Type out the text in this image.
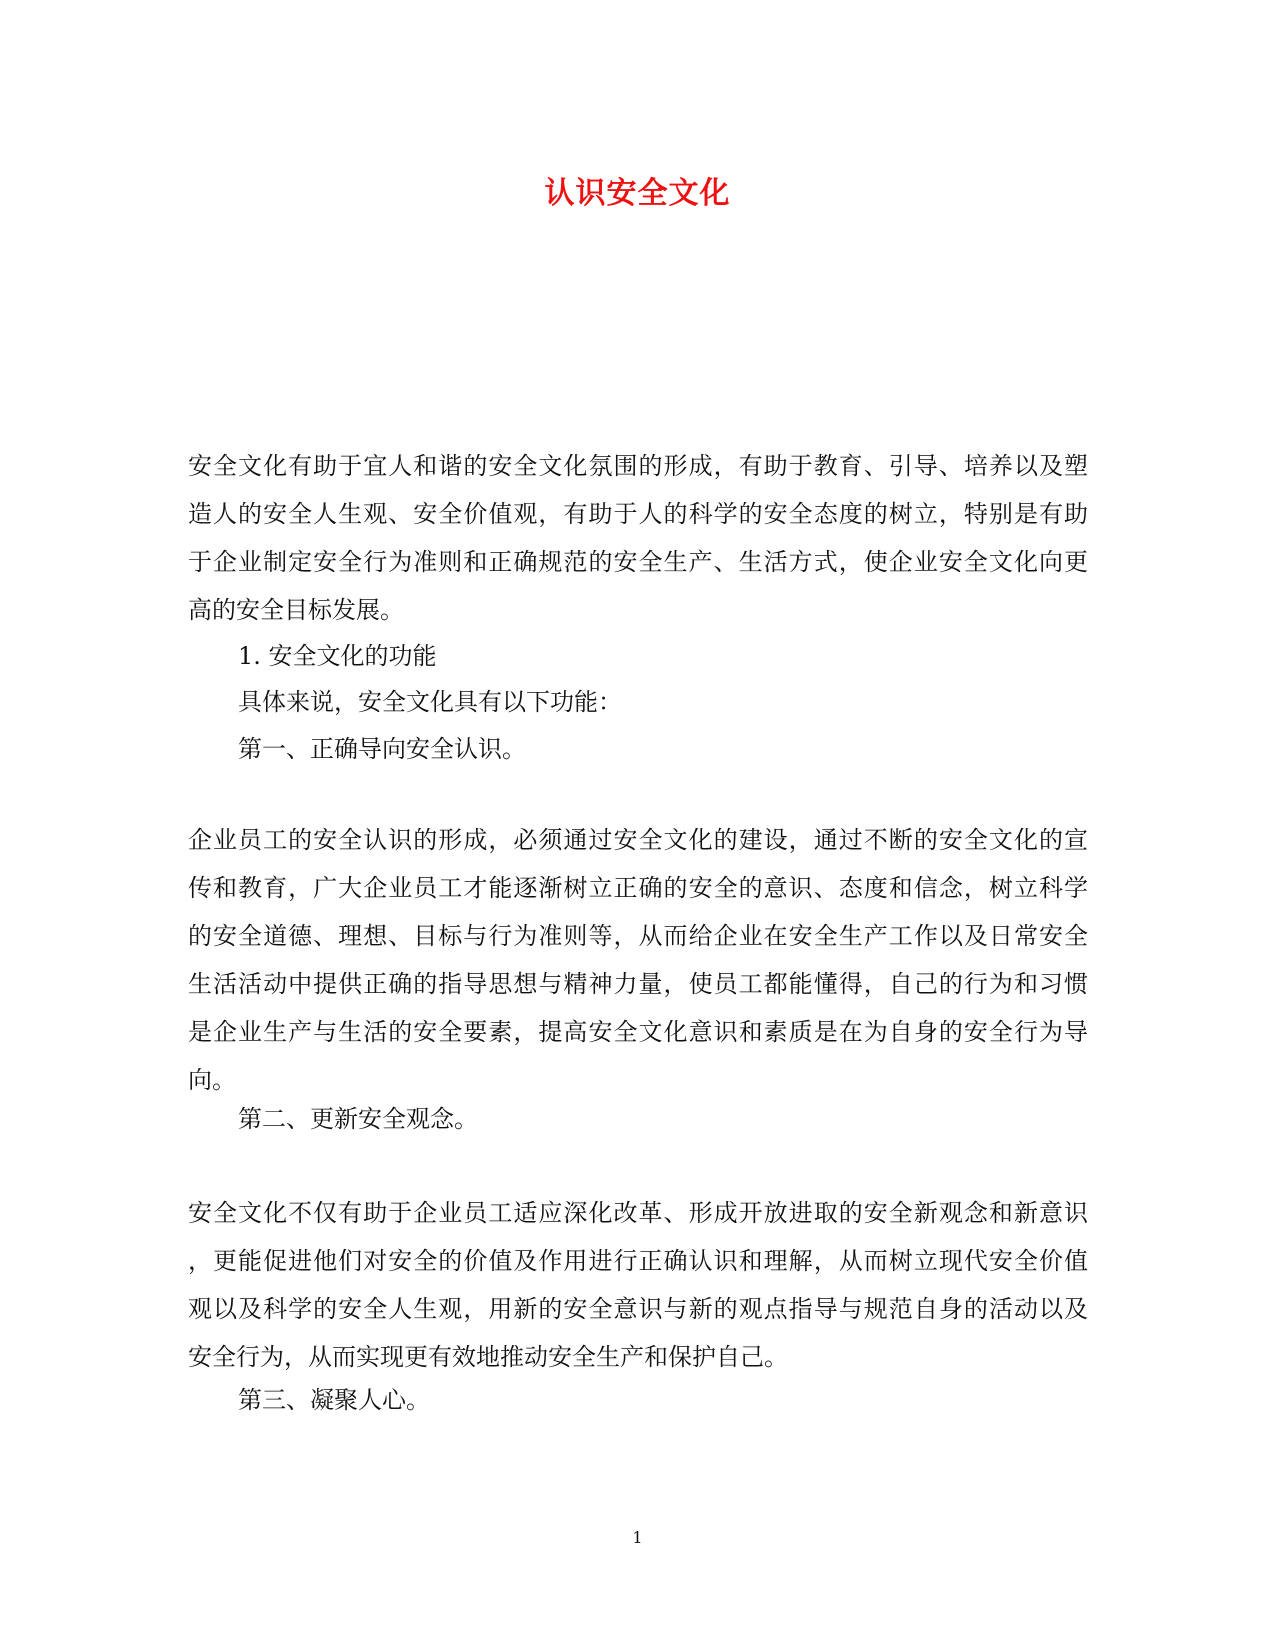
认识安全文化
安全文化有助于宜人和谐的安全文化氛围的形成，有助于教育、引导、培养以及塑
造人的安全人生观、安全价值观，有助于人的科学的安全态度的树立，特别是有助
于企业制定安全行为准则和正确规范的安全生产、生活方式，使企业安全文化向更
高的安全目标发展。
1. 安全文化的功能
具体来说，安全文化具有以下功能：
第一、正确导向安全认识。
企业员工的安全认识的形成，必须通过安全文化的建设，通过不断的安全文化的宣
传和教育，广大企业员工才能逐渐树立正确的安全的意识、态度和信念，树立科学
的安全道德、理想、目标与行为准则等，从而给企业在安全生产工作以及日常安全
生活活动中提供正确的指导思想与精神力量，使员工都能懂得，自己的行为和习惯
是企业生产与生活的安全要素，提高安全文化意识和素质是在为自身的安全行为导
向。
第二、更新安全观念。
安全文化不仅有助于企业员工适应深化改革、形成开放进取的安全新观念和新意识
，更能促进他们对安全的价值及作用进行正确认识和理解，从而树立现代安全价值
观以及科学的安全人生观，用新的安全意识与新的观点指导与规范自身的活动以及
安全行为，从而实现更有效地推动安全生产和保护自己。
第三、凝聚人心。
1
